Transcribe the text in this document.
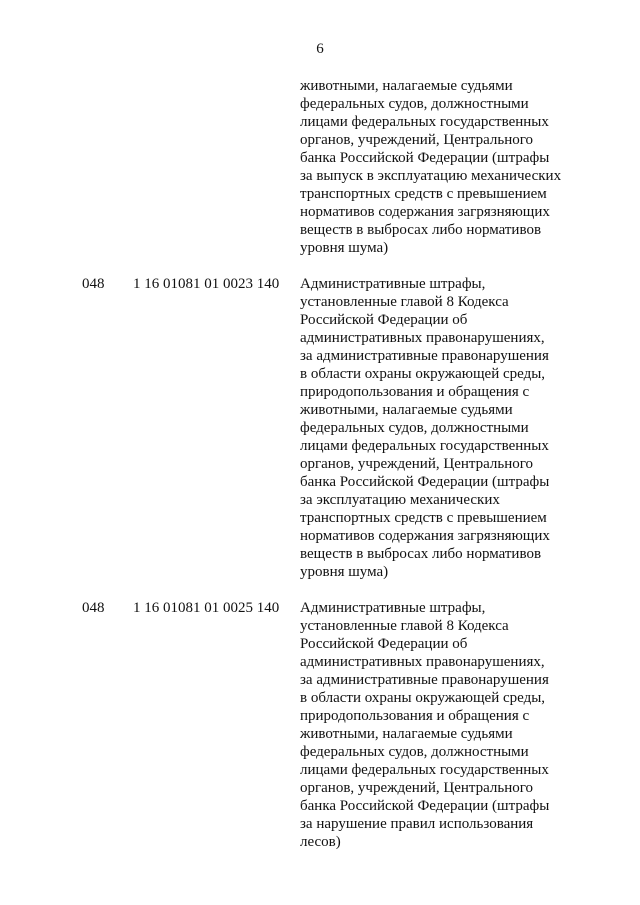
6
животными, налагаемые судьями
федеральных судов, должностными
лицами федеральных государственных
органов, учреждений, Центрального
банка Российской Федерации (штрафы
за выпуск в эксплуатацию механических
транспортных средств с превышением
нормативов содержания загрязняющих
веществ в выбросах либо нормативов
уровня шума)
048 1 16 01081 01 0023 140 Административные штрафы,
установленные главой 8 Кодекса
Российской Федерации об
административных правонарушениях,
за административные правонарушения
в области охраны окружающей среды,
природопользования и обращения с
животными, налагаемые судьями
федеральных судов, должностными
лицами федеральных государственных
органов, учреждений, Центрального
банка Российской Федерации (штрафы
за эксплуатацию механических
транспортных средств с превышением
нормативов содержания загрязняющих
веществ в выбросах либо нормативов
уровня шума)
048 1 16 01081 01 0025 140 Административные штрафы,
установленные главой 8 Кодекса
Российской Федерации об
административных правонарушениях,
за административные правонарушения
в области охраны окружающей среды,
природопользования и обращения с
животными, налагаемые судьями
федеральных судов, должностными
лицами федеральных государственных
органов, учреждений, Центрального
банка Российской Федерации (штрафы
за нарушение правил использования
лесов)
